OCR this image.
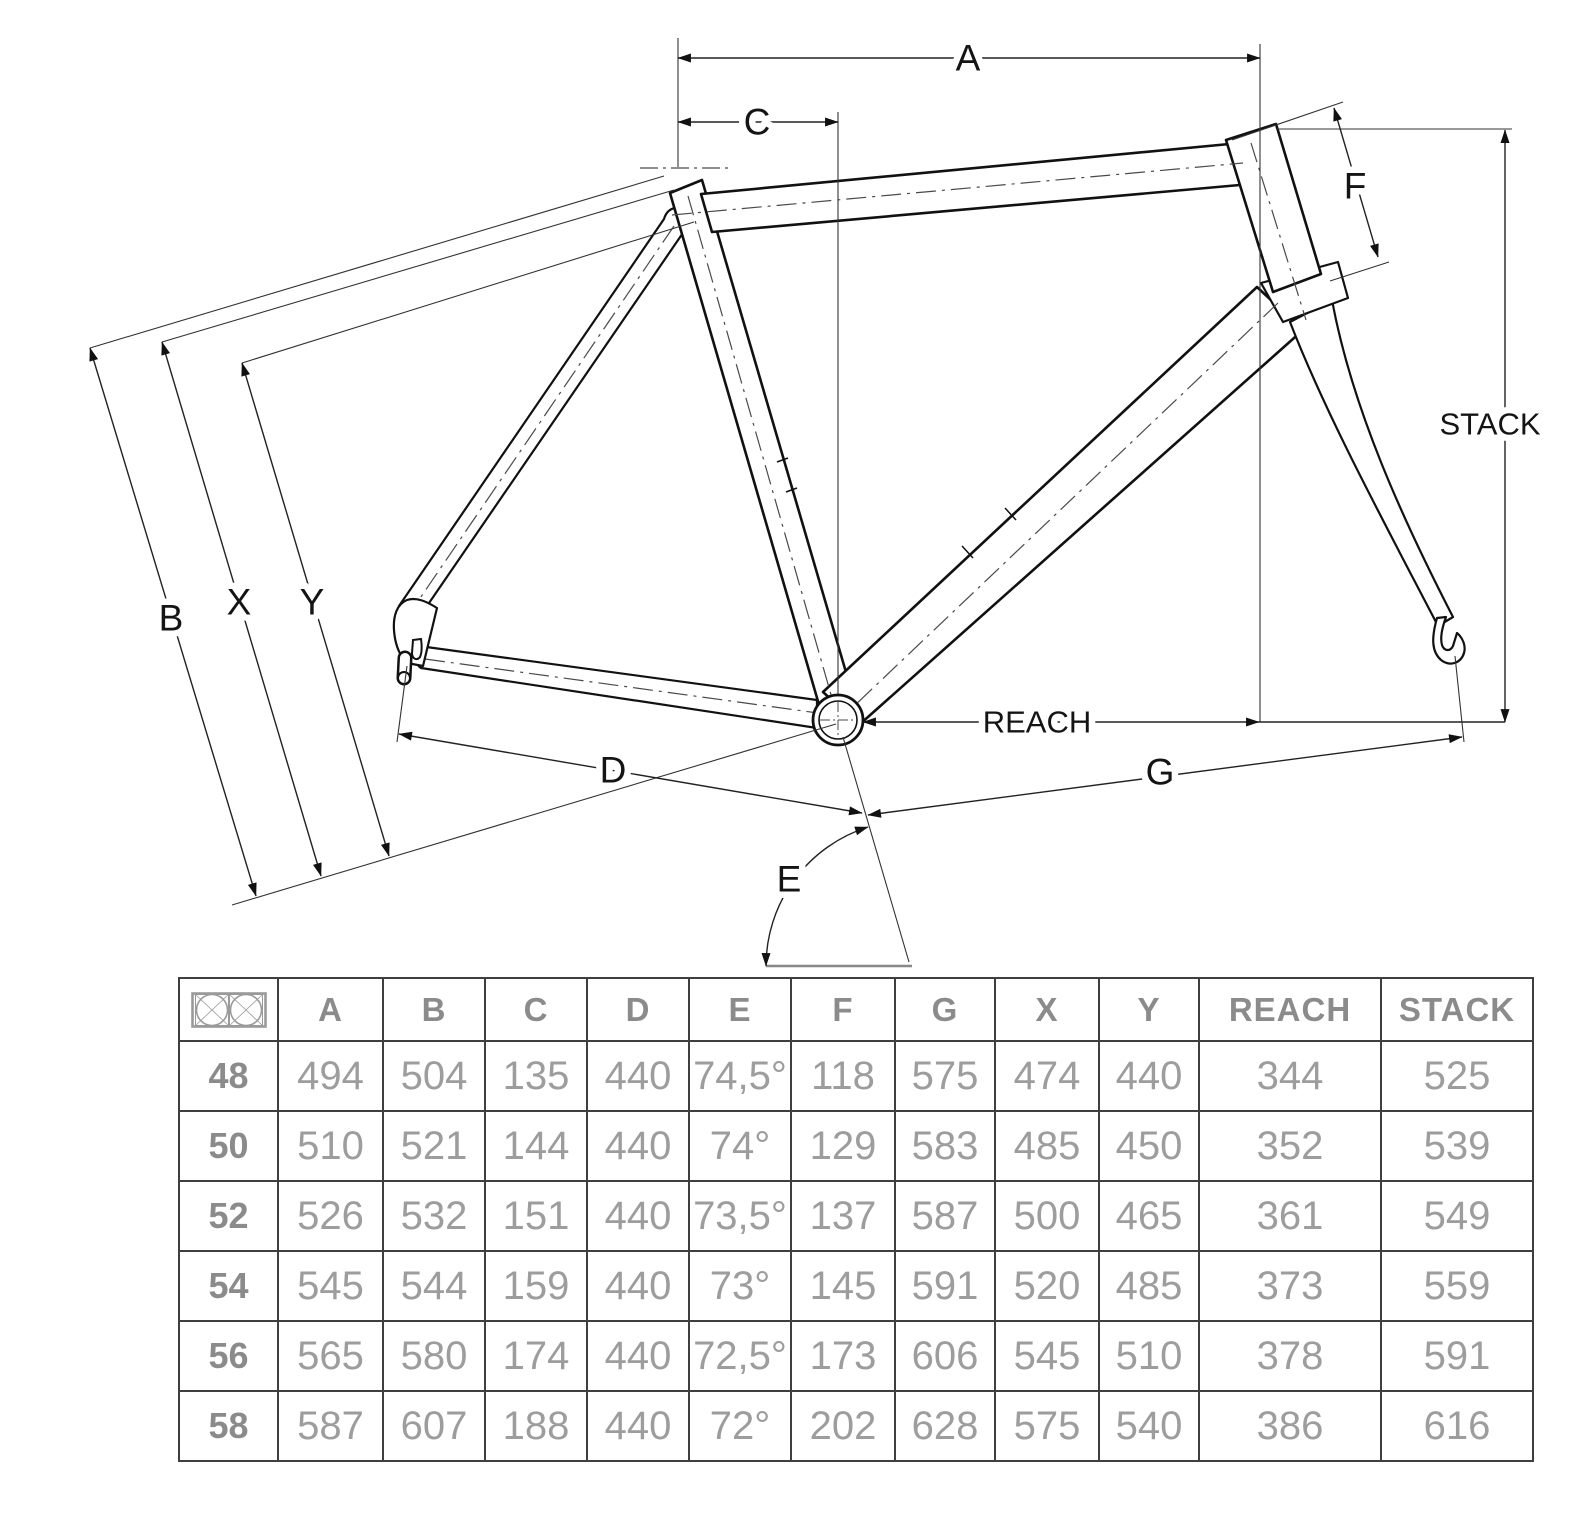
A
C
B X Y
D
E
F
G
REACH
STACK
	A	B	C	D	E	F	G	X	Y	REACH	STACK
48	494	504	135	440	74,5°	118	575	474	440	344	525
50	510	521	144	440	74°	129	583	485	450	352	539
52	526	532	151	440	73,5°	137	587	500	465	361	549
54	545	544	159	440	73°	145	591	520	485	373	559
56	565	580	174	440	72,5°	173	606	545	510	378	591
58	587	607	188	440	72°	202	628	575	540	386	616
